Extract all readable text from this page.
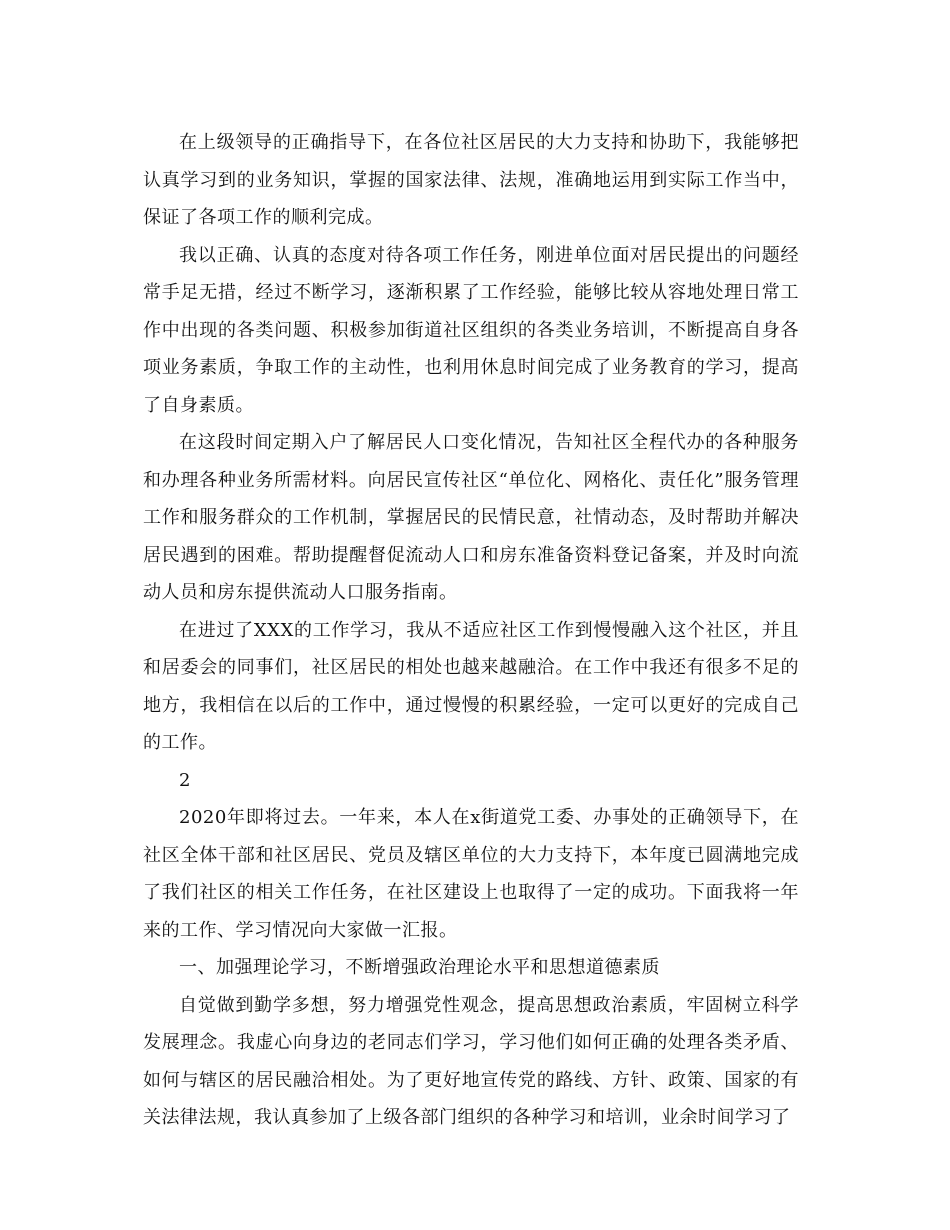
在上级领导的正确指导下，在各位社区居民的大力支持和协助下，我能够把认真学习到的业务知识，掌握的国家法律、法规，准确地运用到实际工作当中，保证了各项工作的顺利完成。

我以正确、认真的态度对待各项工作任务，刚进单位面对居民提出的问题经常手足无措，经过不断学习，逐渐积累了工作经验，能够比较从容地处理日常工作中出现的各类问题、积极参加街道社区组织的各类业务培训，不断提高自身各项业务素质，争取工作的主动性，也利用休息时间完成了业务教育的学习，提高了自身素质。

在这段时间定期入户了解居民人口变化情况，告知社区全程代办的各种服务和办理各种业务所需材料。向居民宣传社区“单位化、网格化、责任化”服务管理工作和服务群众的工作机制，掌握居民的民情民意，社情动态，及时帮助并解决居民遇到的困难。帮助提醒督促流动人口和房东准备资料登记备案，并及时向流动人员和房东提供流动人口服务指南。

在进过了XXX的工作学习，我从不适应社区工作到慢慢融入这个社区，并且和居委会的同事们，社区居民的相处也越来越融洽。在工作中我还有很多不足的地方，我相信在以后的工作中，通过慢慢的积累经验，一定可以更好的完成自己的工作。

2

2020年即将过去。一年来，本人在x街道党工委、办事处的正确领导下，在社区全体干部和社区居民、党员及辖区单位的大力支持下，本年度已圆满地完成了我们社区的相关工作任务，在社区建设上也取得了一定的成功。下面我将一年来的工作、学习情况向大家做一汇报。

一、加强理论学习，不断增强政治理论水平和思想道德素质

自觉做到勤学多想，努力增强党性观念，提高思想政治素质，牢固树立科学发展理念。我虚心向身边的老同志们学习，学习他们如何正确的处理各类矛盾、如何与辖区的居民融洽相处。为了更好地宣传党的路线、方针、政策、国家的有关法律法规，我认真参加了上级各部门组织的各种学习和培训，业余时间学习了
